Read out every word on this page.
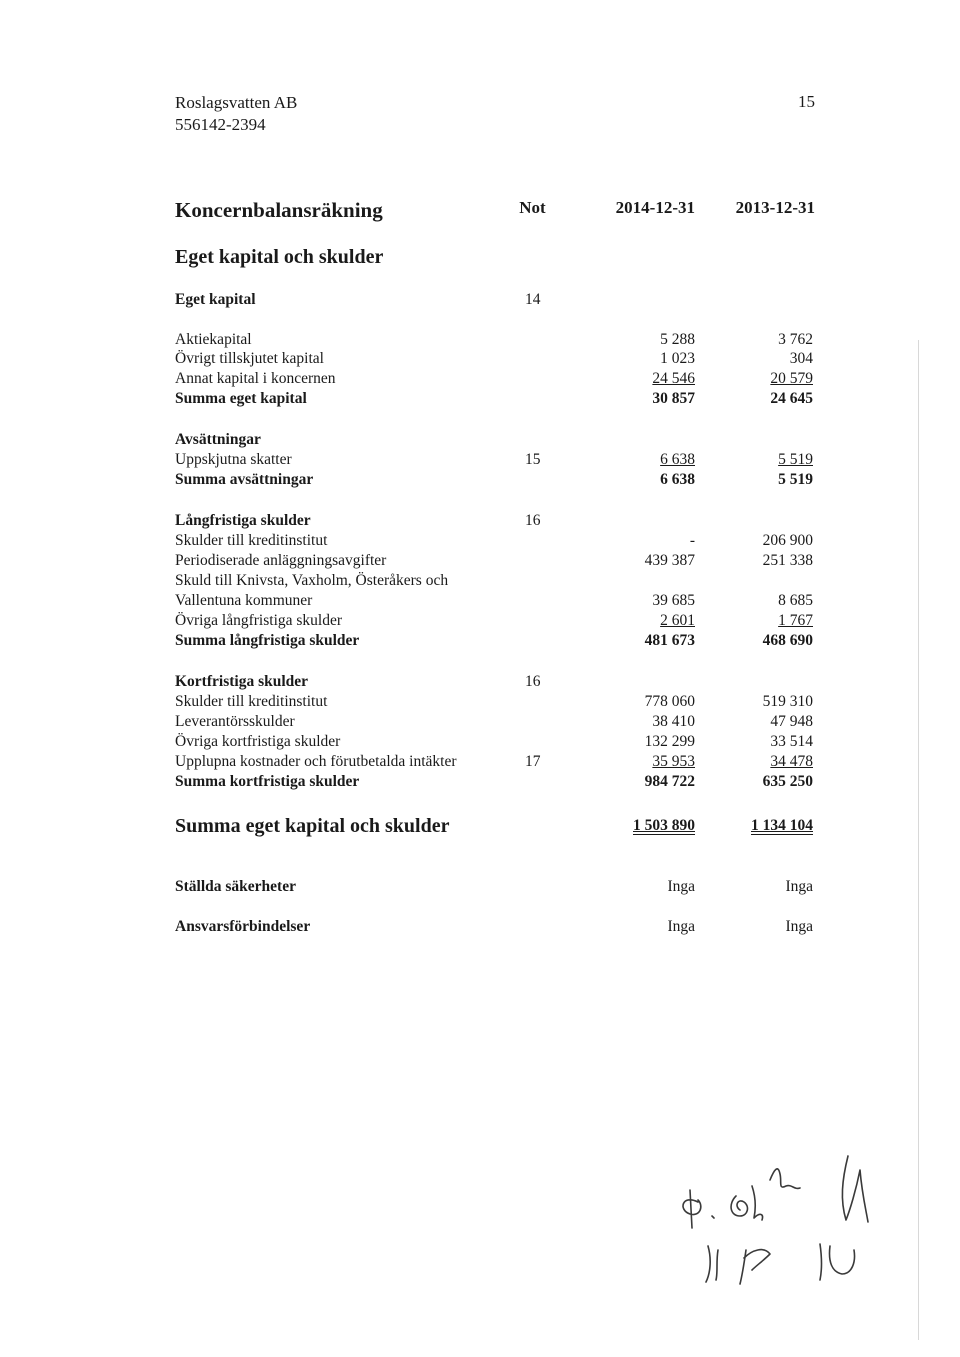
Roslagsvatten AB
556142-2394
15
Koncernbalansräkning	Not	2014-12-31	2013-12-31
Eget kapital och skulder
Eget kapital	14
Aktiekapital	5 288	3 762
Övrigt tillskjutet kapital	1 023	304
Annat kapital i koncernen	24 546	20 579
Summa eget kapital	30 857	24 645
Avsättningar
Uppskjutna skatter	15	6 638	5 519
Summa avsättningar	6 638	5 519
Långfristiga skulder	16
Skulder till kreditinstitut	-	206 900
Periodiserade anläggningsavgifter	439 387	251 338
Skuld till Knivsta, Vaxholm, Österåkers och
Vallentuna kommuner	39 685	8 685
Övriga långfristiga skulder	2 601	1 767
Summa långfristiga skulder	481 673	468 690
Kortfristiga skulder	16
Skulder till kreditinstitut	778 060	519 310
Leverantörsskulder	38 410	47 948
Övriga kortfristiga skulder	132 299	33 514
Upplupna kostnader och förutbetalda intäkter	17	35 953	34 478
Summa kortfristiga skulder	984 722	635 250
Summa eget kapital och skulder	1 503 890	1 134 104
Ställda säkerheter	Inga	Inga
Ansvarsförbindelser	Inga	Inga
